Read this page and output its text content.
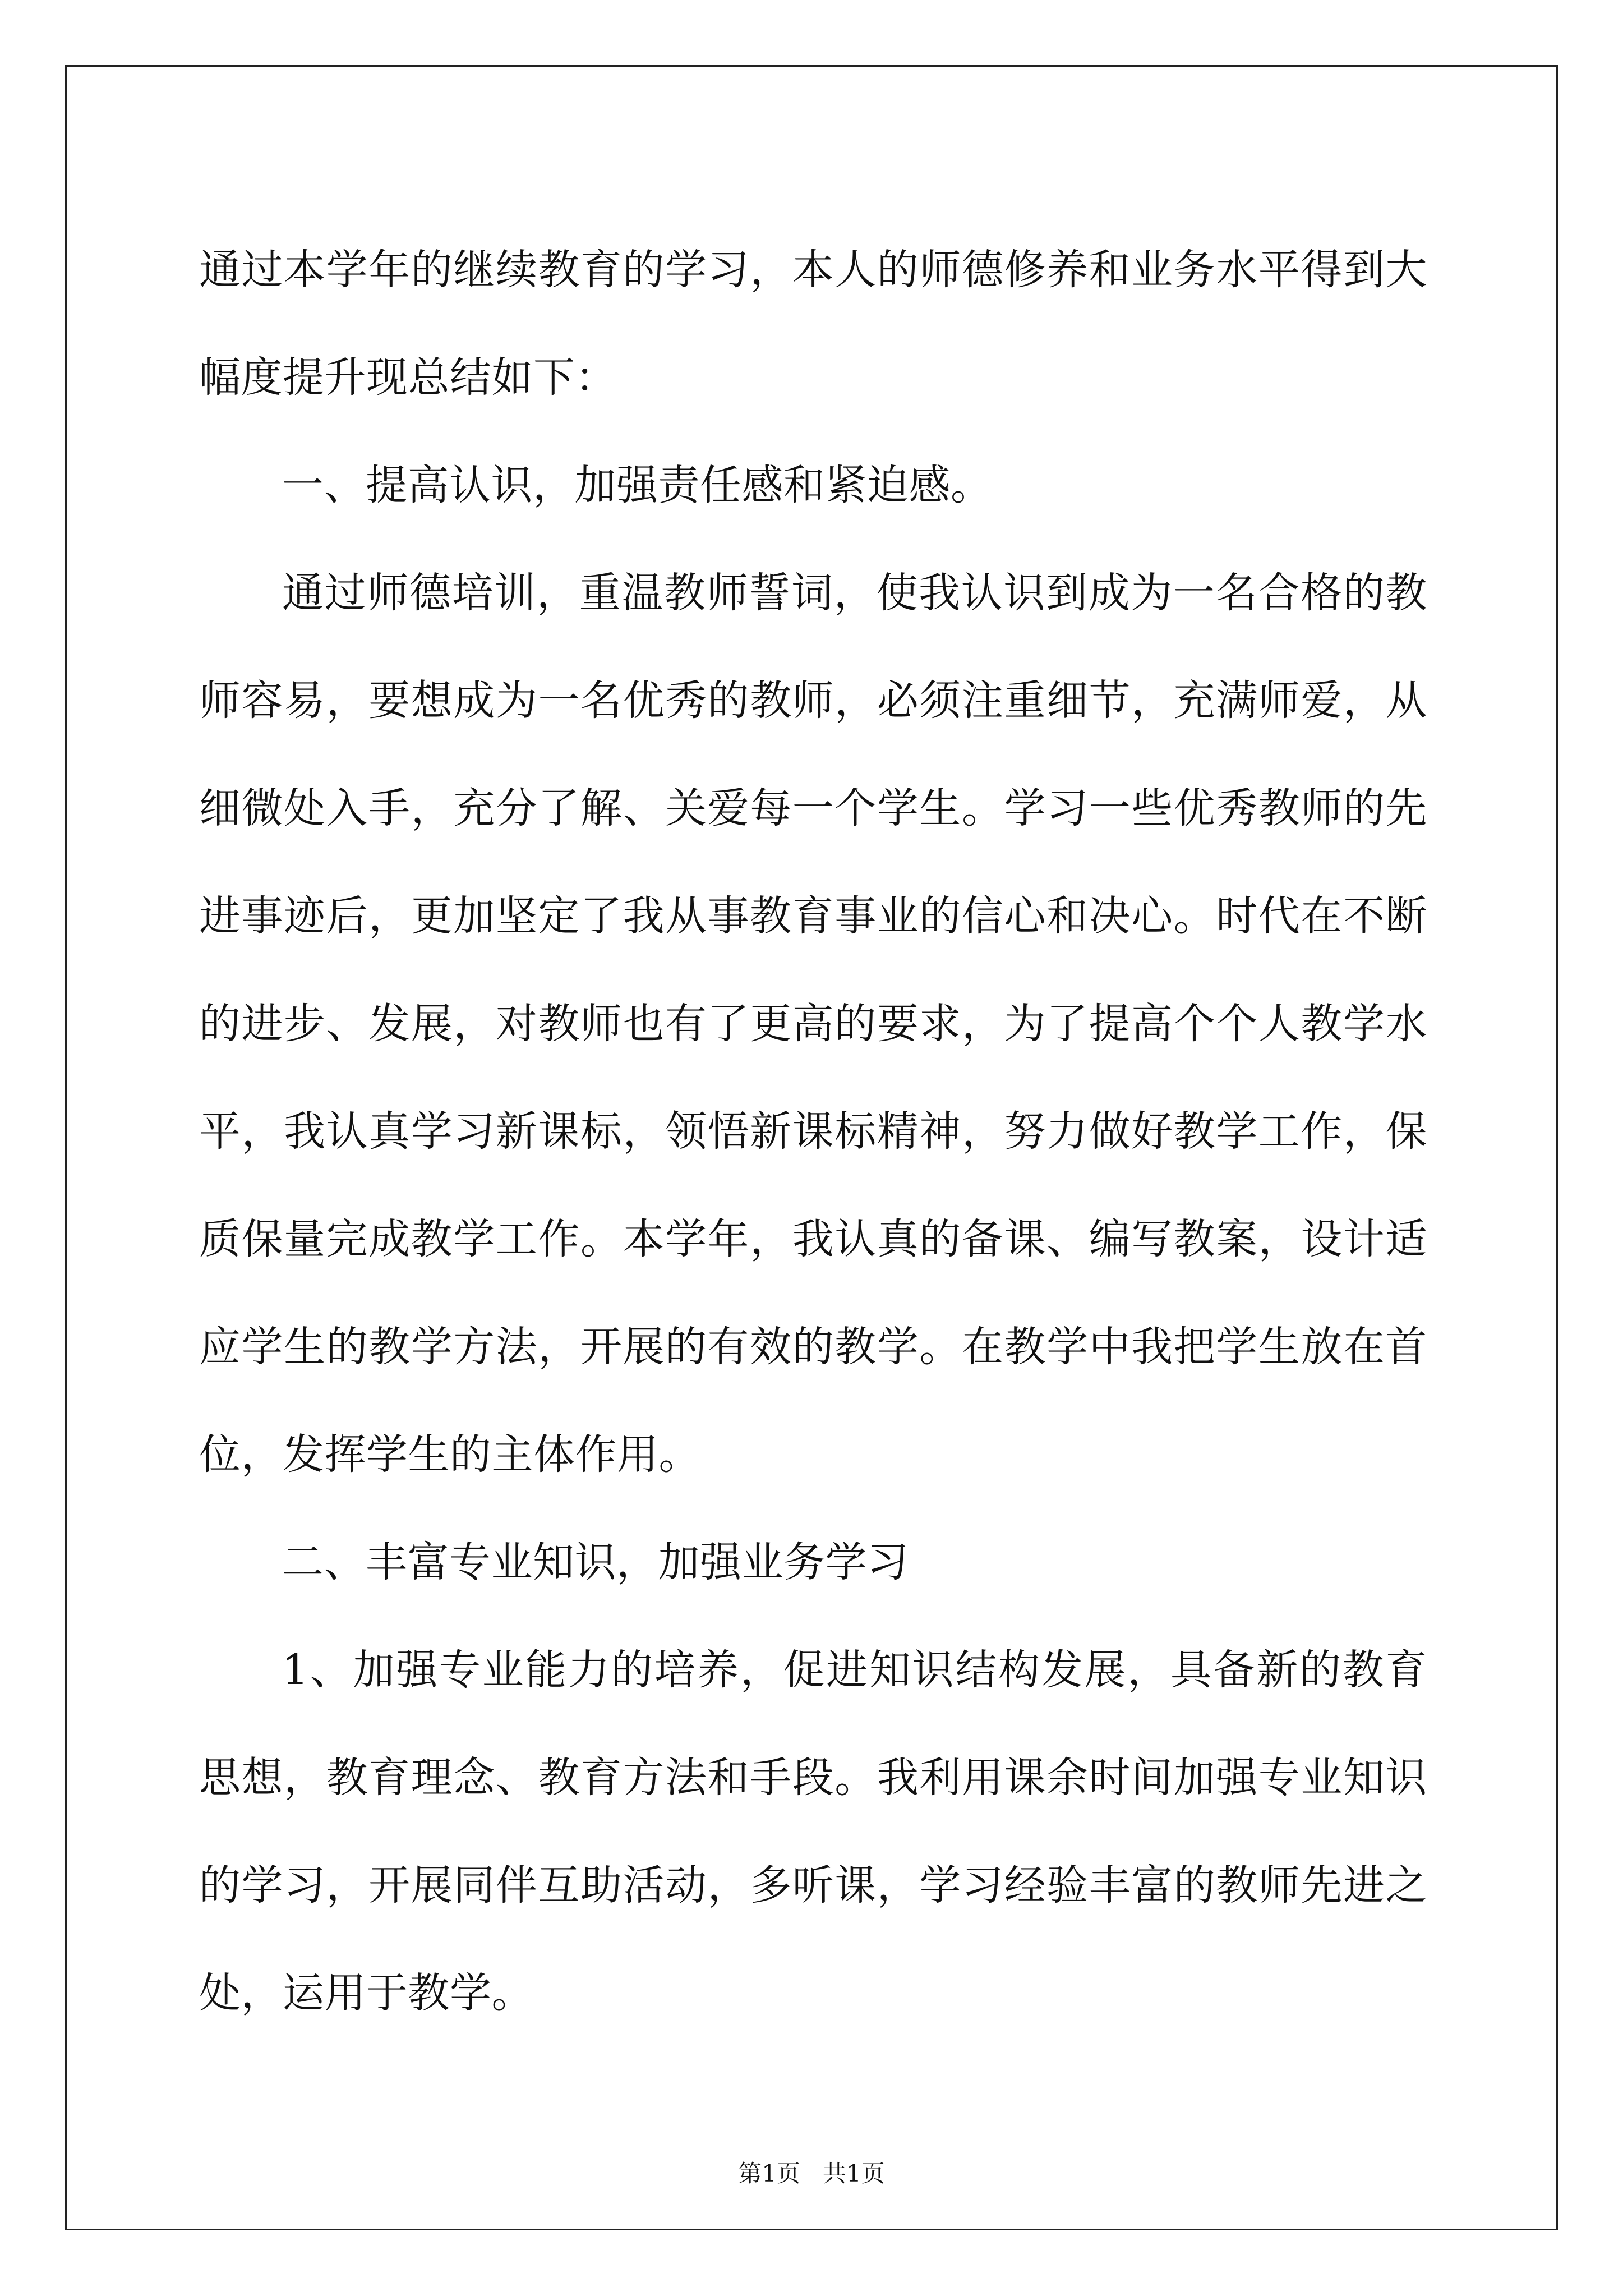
通过本学年的继续教育的学习，本人的师德修养和业务水平得到大幅度提升现总结如下：

一、提高认识，加强责任感和紧迫感。

通过师德培训，重温教师誓词，使我认识到成为一名合格的教师容易，要想成为一名优秀的教师，必须注重细节，充满师爱，从细微处入手，充分了解、关爱每一个学生。学习一些优秀教师的先进事迹后，更加坚定了我从事教育事业的信心和决心。时代在不断的进步、发展，对教师也有了更高的要求，为了提高个个人教学水平，我认真学习新课标，领悟新课标精神，努力做好教学工作，保质保量完成教学工作。本学年，我认真的备课、编写教案，设计适应学生的教学方法，开展的有效的教学。在教学中我把学生放在首位，发挥学生的主体作用。

二、丰富专业知识，加强业务学习

1、加强专业能力的培养，促进知识结构发展，具备新的教育思想，教育理念、教育方法和手段。我利用课余时间加强专业知识的学习，开展同伴互助活动，多听课，学习经验丰富的教师先进之处，运用于教学。

第1页 共1页
